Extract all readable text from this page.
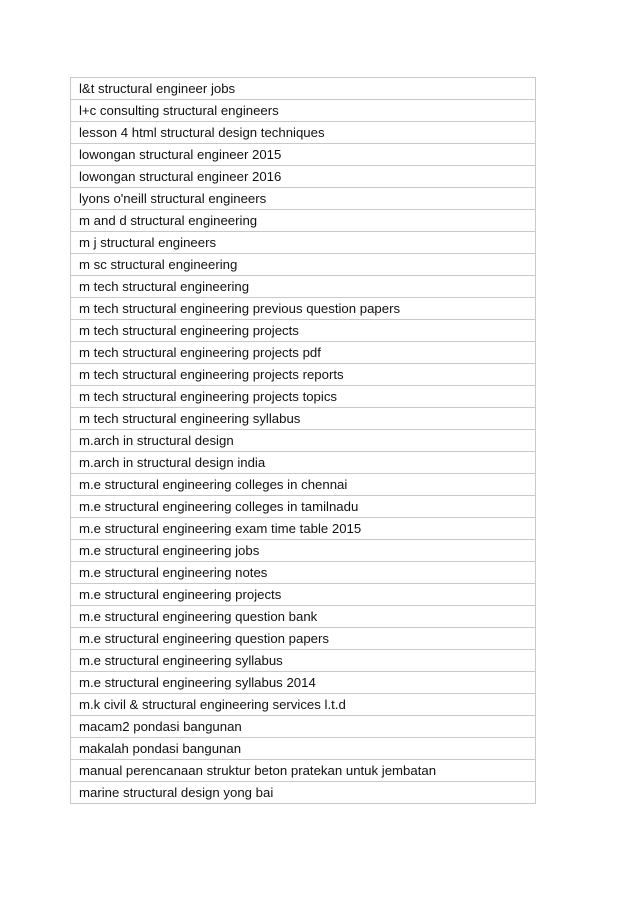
l&t structural engineer jobs
l+c consulting structural engineers
lesson 4 html structural design techniques
lowongan structural engineer 2015
lowongan structural engineer 2016
lyons o'neill structural engineers
m and d structural engineering
m j structural engineers
m sc structural engineering
m tech structural engineering
m tech structural engineering previous question papers
m tech structural engineering projects
m tech structural engineering projects pdf
m tech structural engineering projects reports
m tech structural engineering projects topics
m tech structural engineering syllabus
m.arch in structural design
m.arch in structural design india
m.e structural engineering colleges in chennai
m.e structural engineering colleges in tamilnadu
m.e structural engineering exam time table 2015
m.e structural engineering jobs
m.e structural engineering notes
m.e structural engineering projects
m.e structural engineering question bank
m.e structural engineering question papers
m.e structural engineering syllabus
m.e structural engineering syllabus 2014
m.k civil & structural engineering services l.t.d
macam2 pondasi bangunan
makalah pondasi bangunan
manual perencanaan struktur beton pratekan untuk jembatan
marine structural design yong bai
